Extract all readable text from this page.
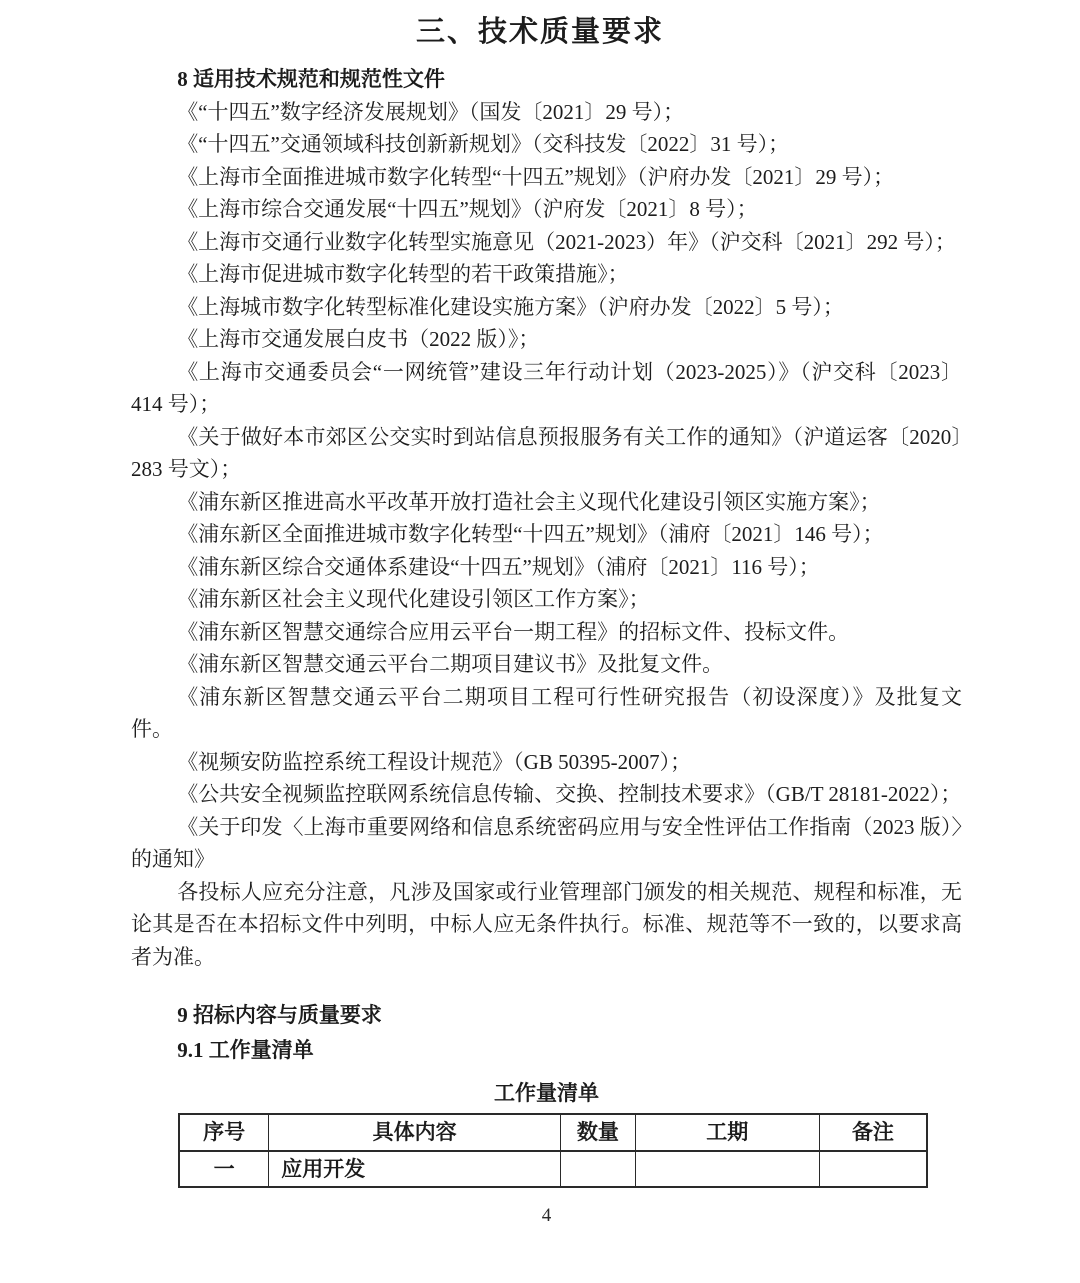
三、技术质量要求
8 适用技术规范和规范性文件

《“十四五”数字经济发展规划》（国发〔2021〕29 号）；

《“十四五”交通领域科技创新新规划》（交科技发〔2022〕31 号）；

《上海市全面推进城市数字化转型“十四五”规划》（沪府办发〔2021〕29 号）；

《上海市综合交通发展“十四五”规划》（沪府发〔2021〕8 号）；

《上海市交通行业数字化转型实施意见（2021-2023）年》（沪交科〔2021〕292 号）；

《上海市促进城市数字化转型的若干政策措施》；

《上海城市数字化转型标准化建设实施方案》（沪府办发〔2022〕5 号）；

《上海市交通发展白皮书（2022 版）》；

《上海市交通委员会“一网统管”建设三年行动计划（2023-2025）》（沪交科〔2023〕414 号）；

《关于做好本市郊区公交实时到站信息预报服务有关工作的通知》（沪道运客〔2020〕283 号文）；

《浦东新区推进高水平改革开放打造社会主义现代化建设引领区实施方案》；

《浦东新区全面推进城市数字化转型“十四五”规划》（浦府〔2021〕146 号）；

《浦东新区综合交通体系建设“十四五”规划》（浦府〔2021〕116 号）；

《浦东新区社会主义现代化建设引领区工作方案》；

《浦东新区智慧交通综合应用云平台一期工程》的招标文件、投标文件。

《浦东新区智慧交通云平台二期项目建议书》及批复文件。

《浦东新区智慧交通云平台二期项目工程可行性研究报告（初设深度）》及批复文件。

《视频安防监控系统工程设计规范》（GB 50395-2007）；

《公共安全视频监控联网系统信息传输、交换、控制技术要求》（GB/T 28181-2022）；

《关于印发〈上海市重要网络和信息系统密码应用与安全性评估工作指南（2023 版）〉的通知》

各投标人应充分注意，凡涉及国家或行业管理部门颁发的相关规范、规程和标准，无论其是否在本招标文件中列明，中标人应无条件执行。标准、规范等不一致的，以要求高者为准。

9 招标内容与质量要求
9.1 工作量清单
工作量清单
序号	具体内容	数量	工期	备注
一	应用开发			
4
